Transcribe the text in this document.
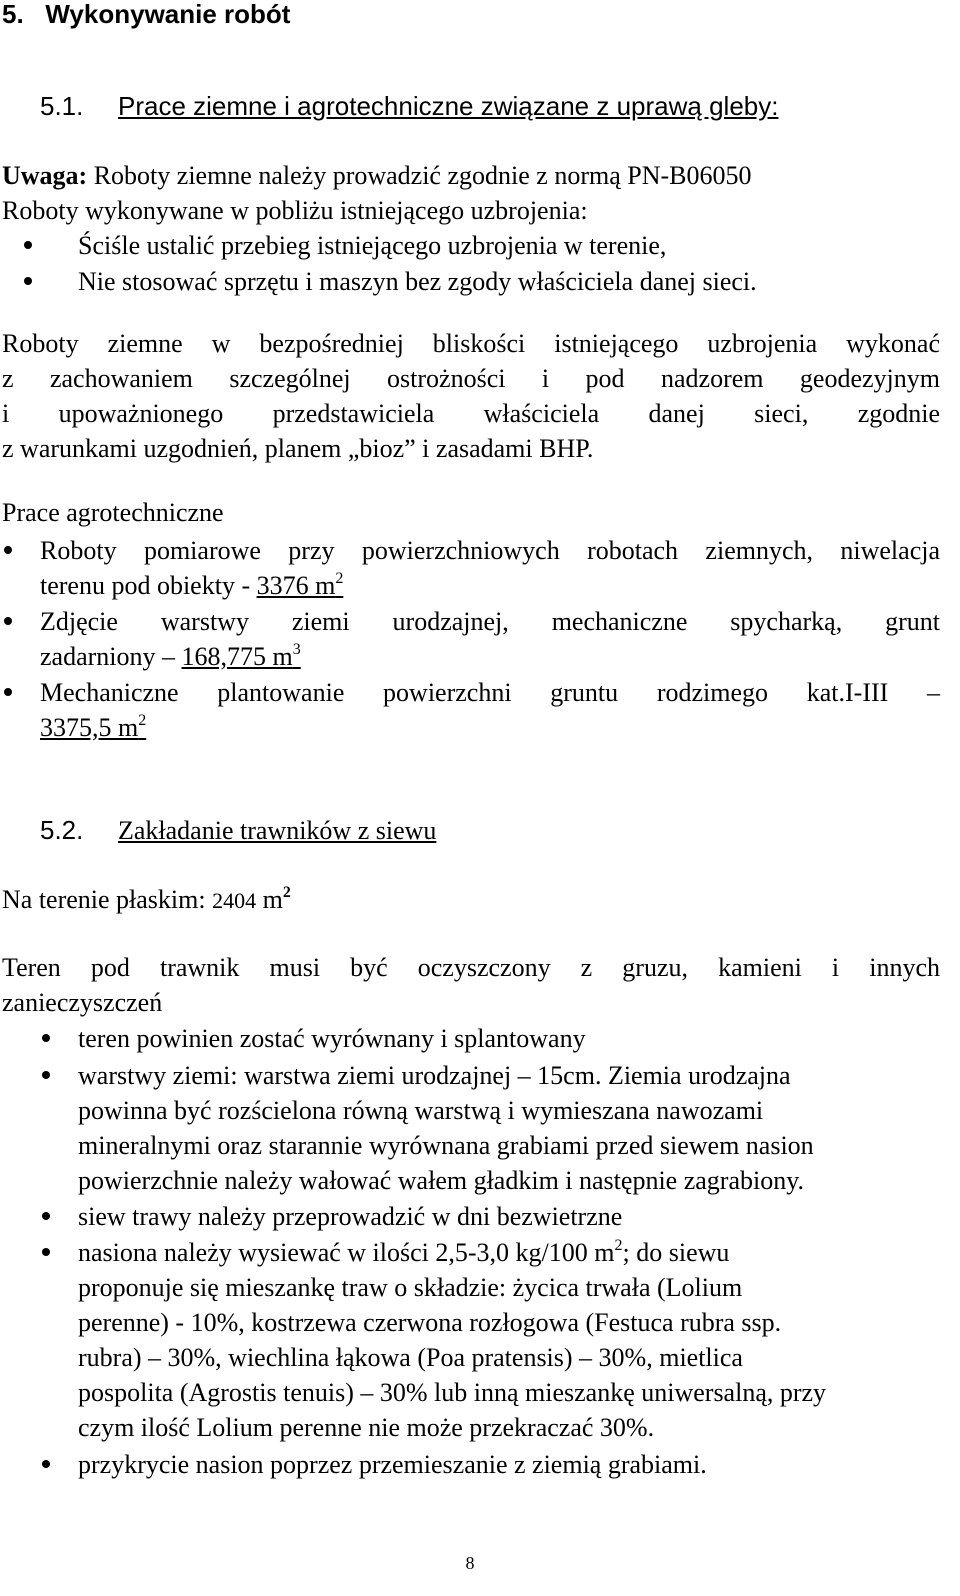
5. Wykonywanie robót
5.1. Prace ziemne i agrotechniczne związane z uprawą gleby:
Uwaga: Roboty ziemne należy prowadzić zgodnie z normą PN-B06050
Roboty wykonywane w pobliżu istniejącego uzbrojenia:
Ściśle ustalić przebieg istniejącego uzbrojenia w terenie,
Nie stosować sprzętu i maszyn bez zgody właściciela danej sieci.
Roboty ziemne w bezpośredniej bliskości istniejącego uzbrojenia wykonać
z zachowaniem szczególnej ostrożności i pod nadzorem geodezyjnym
i upoważnionego przedstawiciela właściciela danej sieci, zgodnie
z warunkami uzgodnień, planem „bioz” i zasadami BHP.
Prace agrotechniczne
Roboty pomiarowe przy powierzchniowych robotach ziemnych, niwelacja
terenu pod obiekty - 3376 $m^2$
Zdjęcie warstwy ziemi urodzajnej, mechaniczne spycharką, grunt
zadarniony – 168,775 $m^3$
Mechaniczne plantowanie powierzchni gruntu rodzimego kat.I-III –
3375,5 $m^2$
5.2. Zakładanie trawników z siewu
Na terenie płaskim: 2404 $m^2$
Teren pod trawnik musi być oczyszczony z gruzu, kamieni i innych
zanieczyszczeń
teren powinien zostać wyrównany i splantowany
warstwy ziemi: warstwa ziemi urodzajnej – 15cm. Ziemia urodzajna
powinna być rozścielona równą warstwą i wymieszana nawozami
mineralnymi oraz starannie wyrównana grabiami przed siewem nasion
powierzchnie należy wałować wałem gładkim i następnie zagrabiony.
siew trawy należy przeprowadzić w dni bezwietrzne
nasiona należy wysiewać w ilości 2,5-3,0 kg/100 $m^2$; do siewu
proponuje się mieszankę traw o składzie: życica trwała (Lolium
perenne) - 10%, kostrzewa czerwona rozłogowa (Festuca rubra ssp.
rubra) – 30%, wiechlina łąkowa (Poa pratensis) – 30%, mietlica
pospolita (Agrostis tenuis) – 30% lub inną mieszankę uniwersalną, przy
czym ilość Lolium perenne nie może przekraczać 30%.
przykrycie nasion poprzez przemieszanie z ziemią grabiami.
8
